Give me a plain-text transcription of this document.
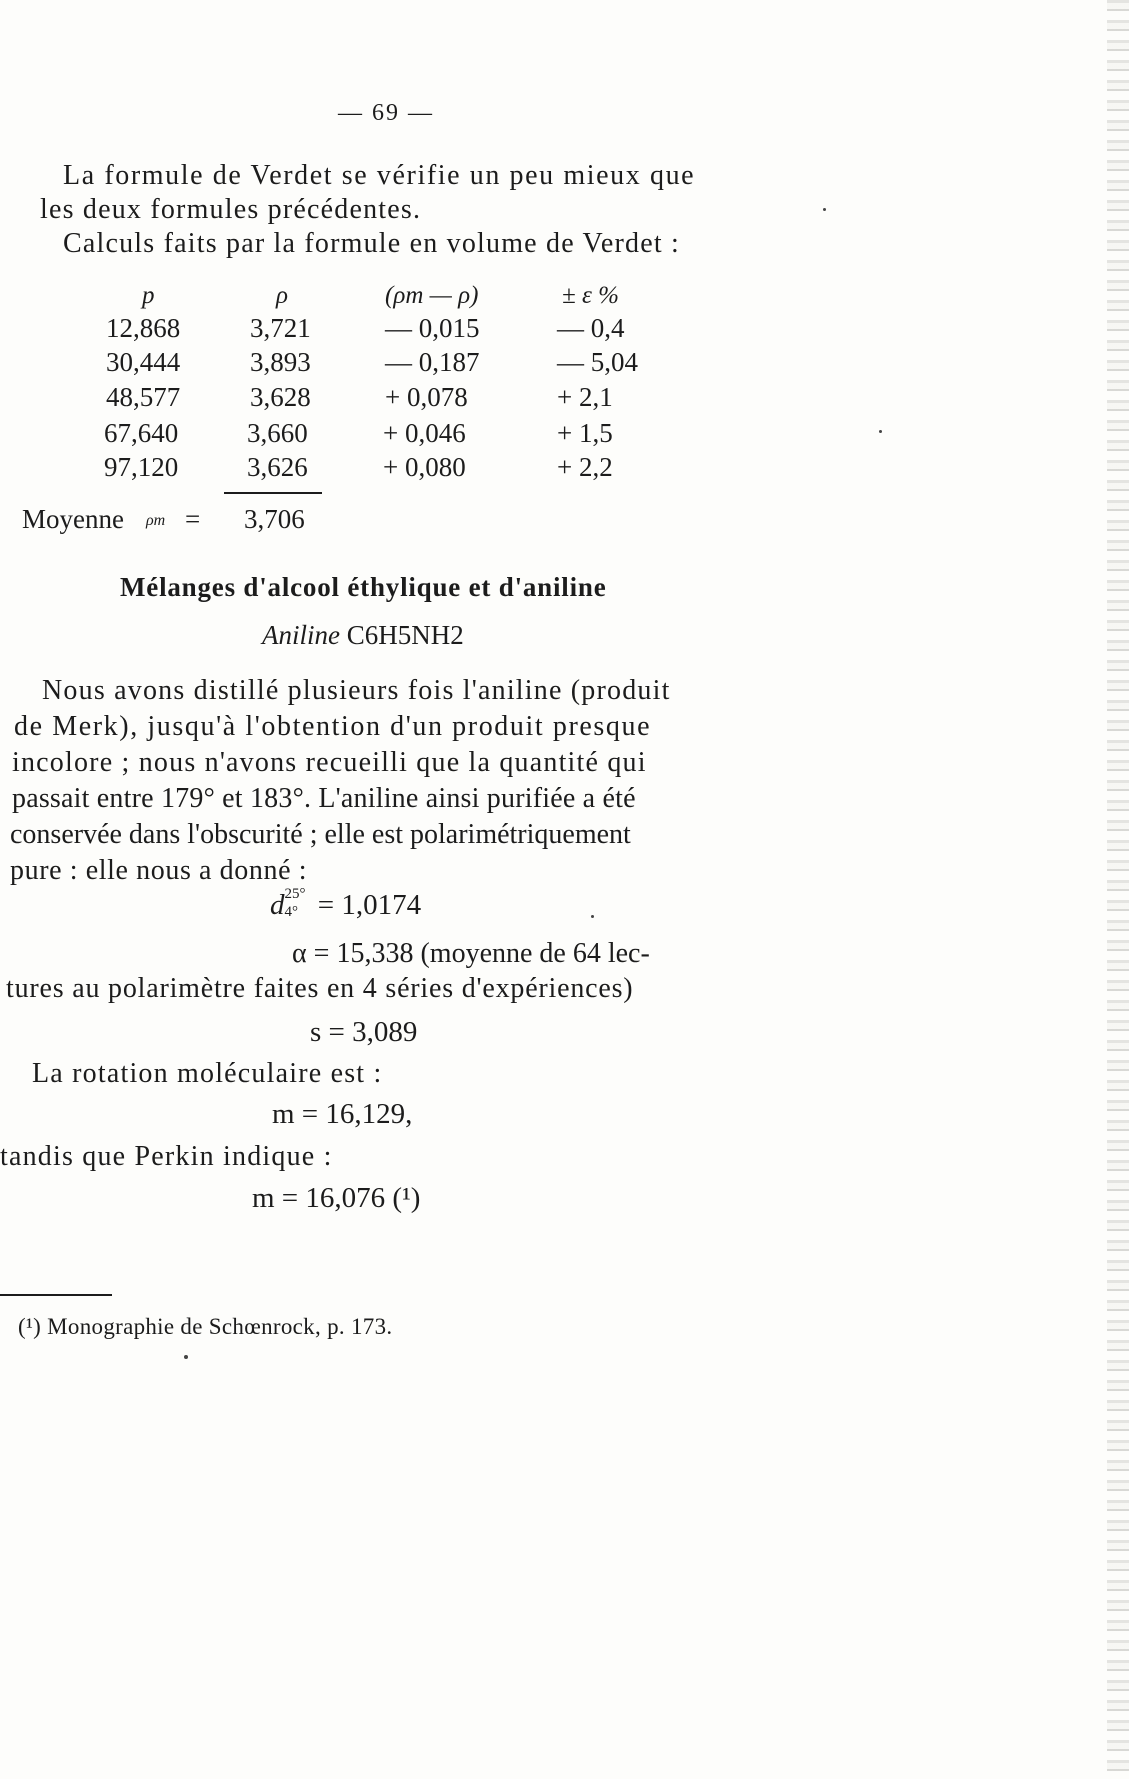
— 69 —
La formule de Verdet se vérifie un peu mieux que
les deux formules précédentes.
Calculs faits par la formule en volume de Verdet :
p	ρ	(ρm — ρ)	± ε %
12,868	3,721	— 0,015	— 0,4
30,444	3,893	— 0,187	— 5,04
48,577	3,628	+ 0,078	+ 2,1
67,640	3,660	+ 0,046	+ 1,5
97,120	3,626	+ 0,080	+ 2,2
Moyenne ρm = 3,706
Mélanges d'alcool éthylique et d'aniline
Aniline C6H5NH2
Nous avons distillé plusieurs fois l'aniline (produit
de Merk), jusqu'à l'obtention d'un produit presque
incolore ; nous n'avons recueilli que la quantité qui
passait entre 179° et 183°. L'aniline ainsi purifiée a été
conservée dans l'obscurité ; elle est polarimétriquement
pure : elle nous a donné :
d 25°
4° = 1,0174
α = 15,338 (moyenne de 64 lec-
tures au polarimètre faites en 4 séries d'expériences)
s = 3,089
La rotation moléculaire est :
m = 16,129,
tandis que Perkin indique :
m = 16,076 (¹)
(¹) Monographie de Schœnrock, p. 173.
